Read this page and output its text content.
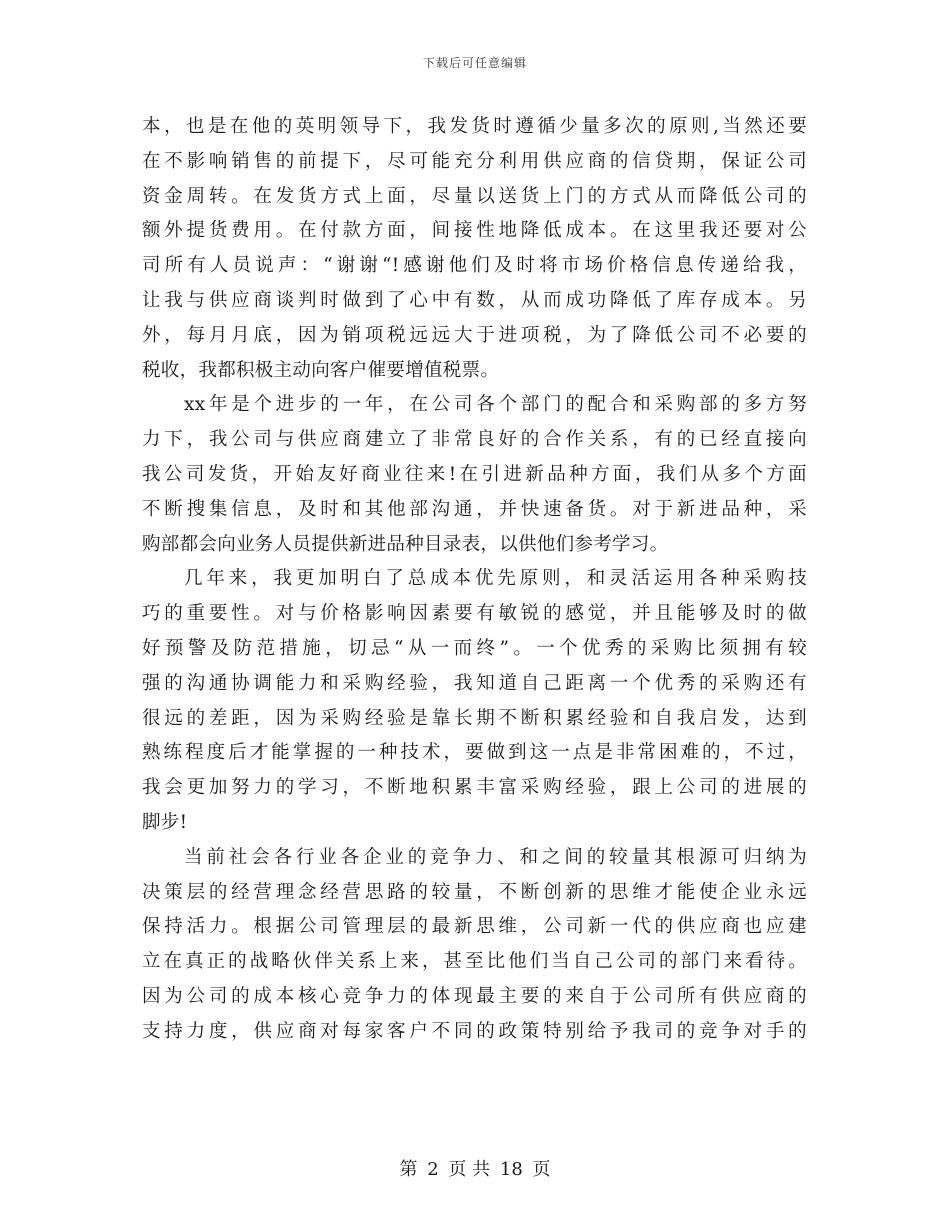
下载后可任意编辑
本，也是在他的英明领导下，我发货时遵循少量多次的原则,当然还要
在不影响销售的前提下，尽可能充分利用供应商的信贷期，保证公司
资金周转。在发货方式上面，尽量以送货上门的方式从而降低公司的
额外提货费用。在付款方面，间接性地降低成本。在这里我还要对公
司所有人员说声：“谢谢“!感谢他们及时将市场价格信息传递给我，
让我与供应商谈判时做到了心中有数，从而成功降低了库存成本。另
外，每月月底，因为销项税远远大于进项税，为了降低公司不必要的
税收，我都积极主动向客户催要增值税票。
xx年是个进步的一年，在公司各个部门的配合和采购部的多方努
力下，我公司与供应商建立了非常良好的合作关系，有的已经直接向
我公司发货，开始友好商业往来!在引进新品种方面，我们从多个方面
不断搜集信息，及时和其他部沟通，并快速备货。对于新进品种，采
购部都会向业务人员提供新进品种目录表，以供他们参考学习。
几年来，我更加明白了总成本优先原则，和灵活运用各种采购技
巧的重要性。对与价格影响因素要有敏锐的感觉，并且能够及时的做
好预警及防范措施，切忌“从一而终”。一个优秀的采购比须拥有较
强的沟通协调能力和采购经验，我知道自己距离一个优秀的采购还有
很远的差距，因为采购经验是靠长期不断积累经验和自我启发，达到
熟练程度后才能掌握的一种技术，要做到这一点是非常困难的，不过，
我会更加努力的学习，不断地积累丰富采购经验，跟上公司的进展的
脚步!
当前社会各行业各企业的竞争力、和之间的较量其根源可归纳为
决策层的经营理念经营思路的较量，不断创新的思维才能使企业永远
保持活力。根据公司管理层的最新思维，公司新一代的供应商也应建
立在真正的战略伙伴关系上来，甚至比他们当自己公司的部门来看待。
因为公司的成本核心竞争力的体现最主要的来自于公司所有供应商的
支持力度，供应商对每家客户不同的政策特别给予我司的竞争对手的
第 2 页 共 18 页
